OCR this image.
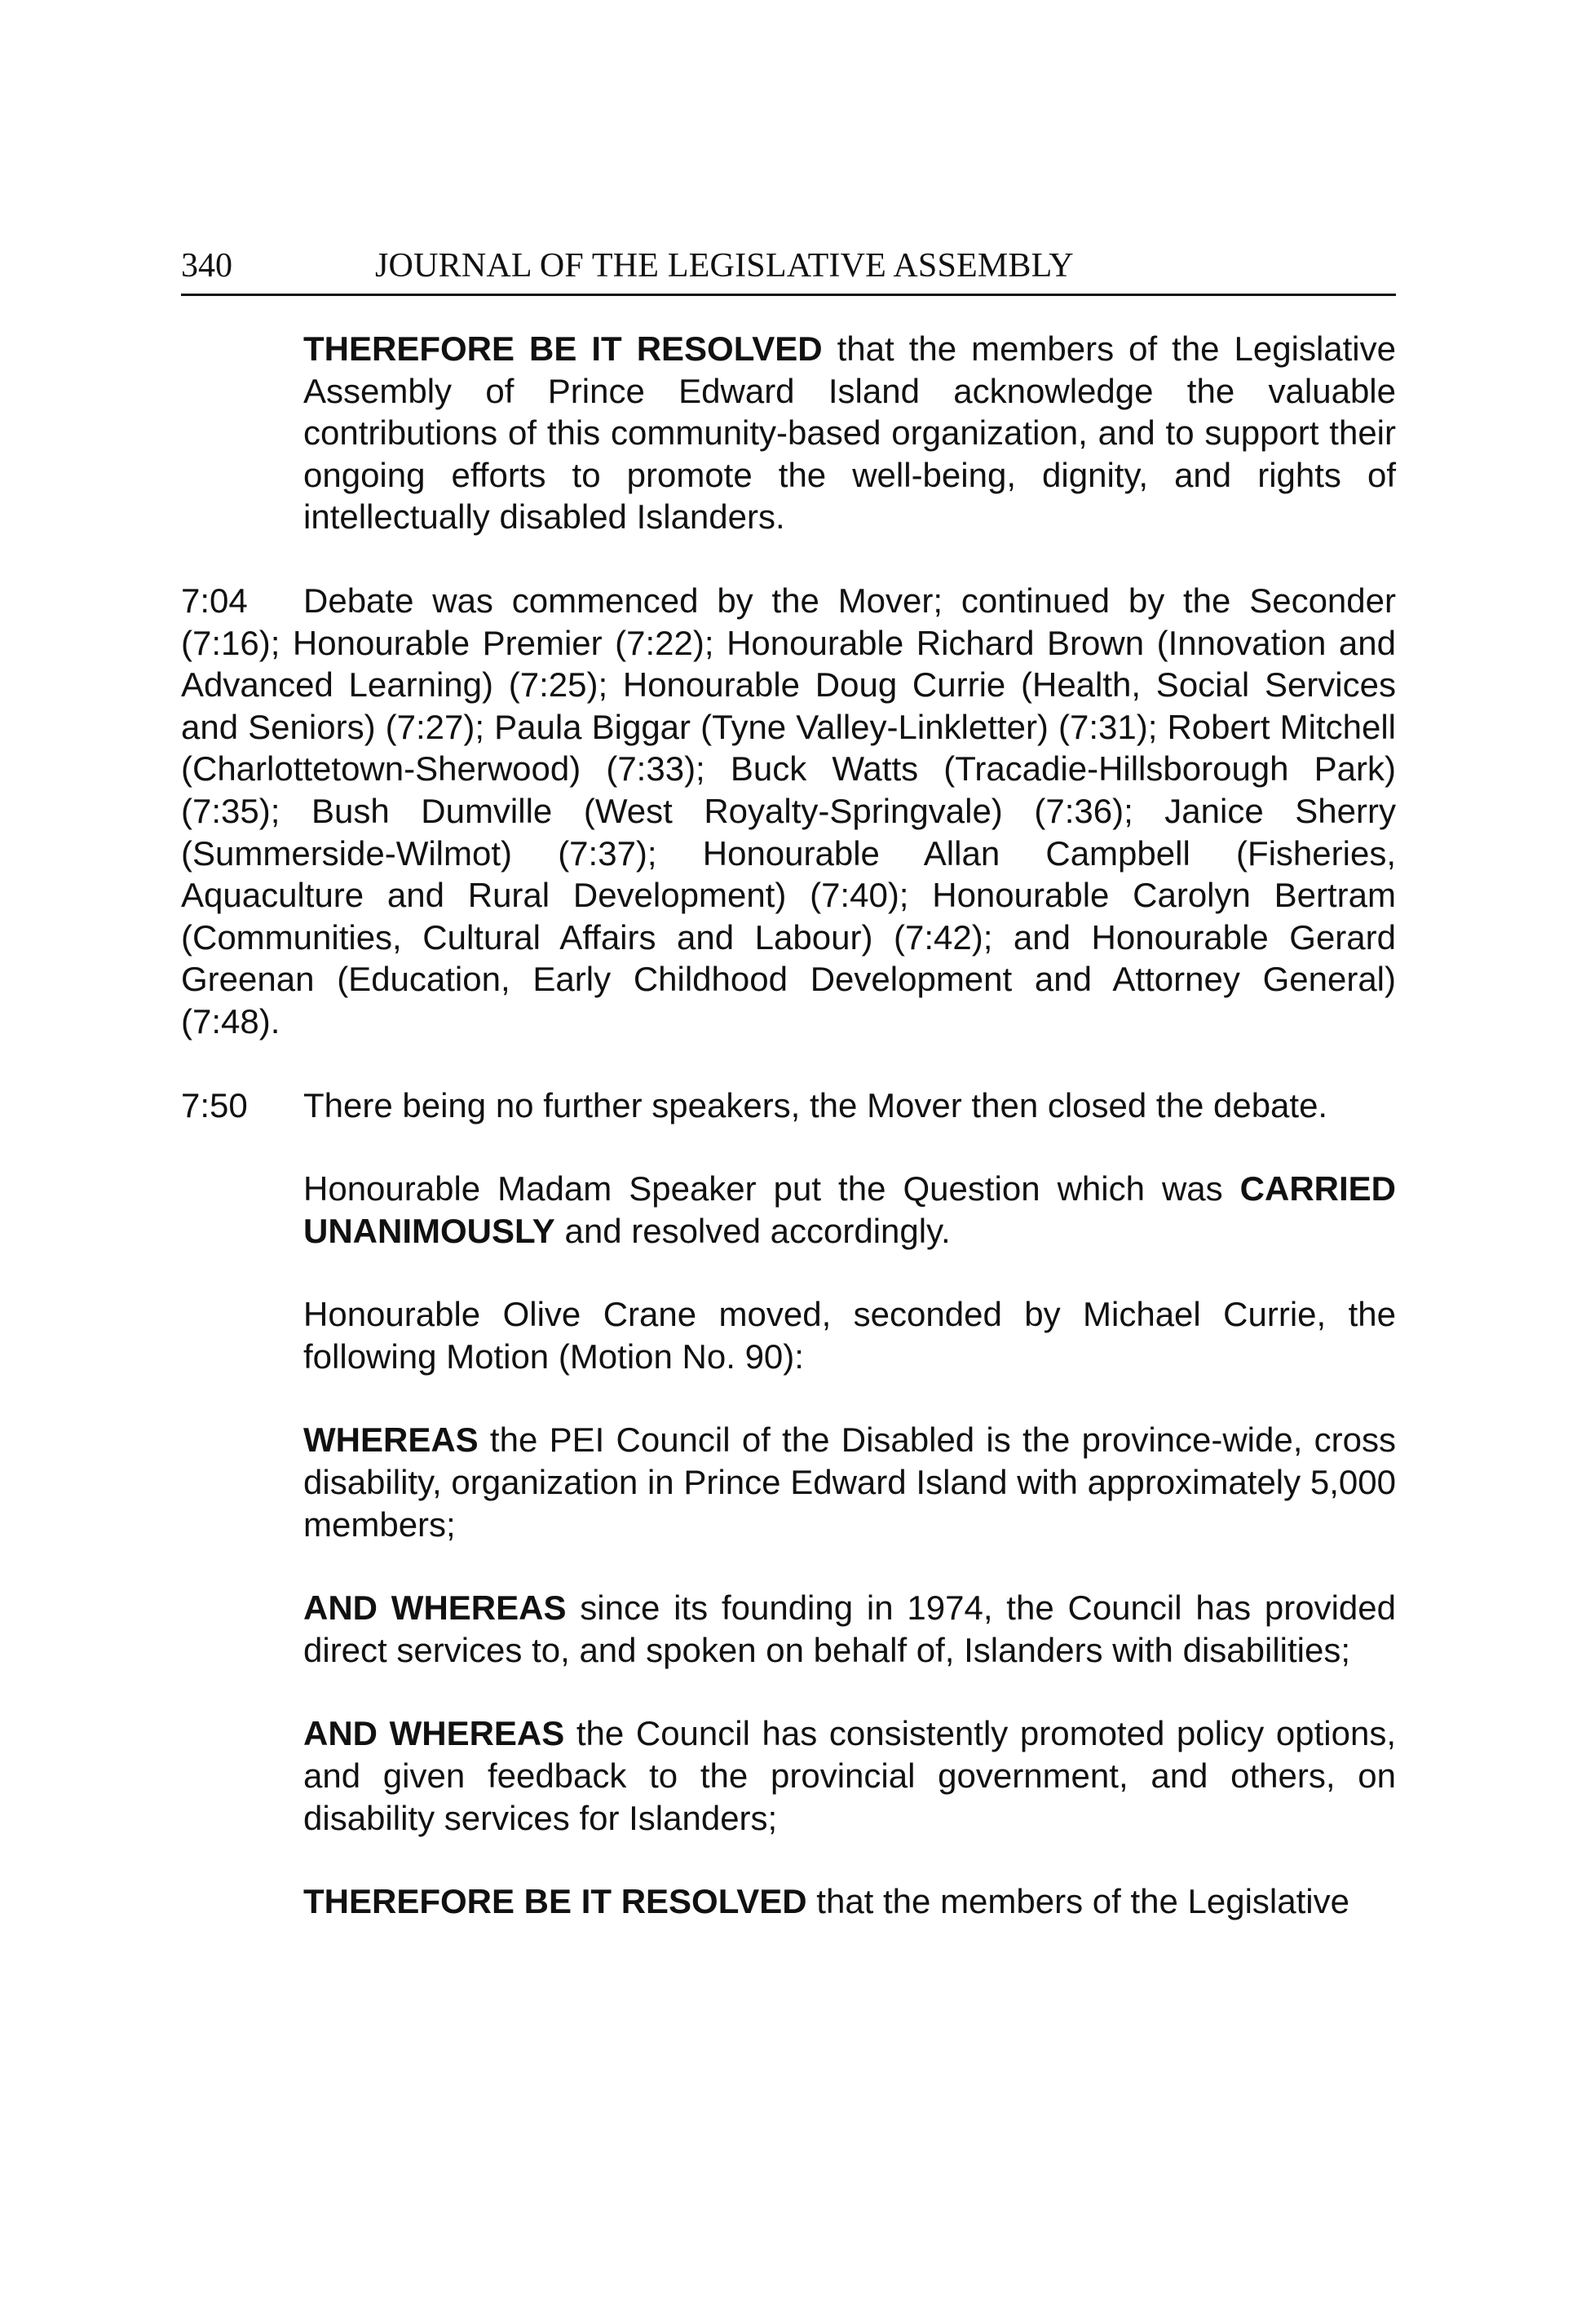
340	JOURNAL OF THE LEGISLATIVE ASSEMBLY

THEREFORE BE IT RESOLVED that the members of the Legislative Assembly of Prince Edward Island acknowledge the valuable contributions of this community-based organization, and to support their ongoing efforts to promote the well-being, dignity, and rights of intellectually disabled Islanders.

7:04 Debate was commenced by the Mover; continued by the Seconder (7:16); Honourable Premier (7:22); Honourable Richard Brown (Innovation and Advanced Learning) (7:25); Honourable Doug Currie (Health, Social Services and Seniors) (7:27); Paula Biggar (Tyne Valley-Linkletter) (7:31); Robert Mitchell (Charlottetown-Sherwood) (7:33); Buck Watts (Tracadie-Hillsborough Park) (7:35); Bush Dumville (West Royalty-Springvale) (7:36); Janice Sherry (Summerside-Wilmot) (7:37); Honourable Allan Campbell (Fisheries, Aquaculture and Rural Development) (7:40); Honourable Carolyn Bertram (Communities, Cultural Affairs and Labour) (7:42); and Honourable Gerard Greenan (Education, Early Childhood Development and Attorney General) (7:48).

7:50 There being no further speakers, the Mover then closed the debate.

Honourable Madam Speaker put the Question which was CARRIED UNANIMOUSLY and resolved accordingly.

Honourable Olive Crane moved, seconded by Michael Currie, the following Motion (Motion No. 90):

WHEREAS the PEI Council of the Disabled is the province-wide, cross disability, organization in Prince Edward Island with approximately 5,000 members;

AND WHEREAS since its founding in 1974, the Council has provided direct services to, and spoken on behalf of, Islanders with disabilities;

AND WHEREAS the Council has consistently promoted policy options, and given feedback to the provincial government, and others, on disability services for Islanders;

THEREFORE BE IT RESOLVED that the members of the Legislative
